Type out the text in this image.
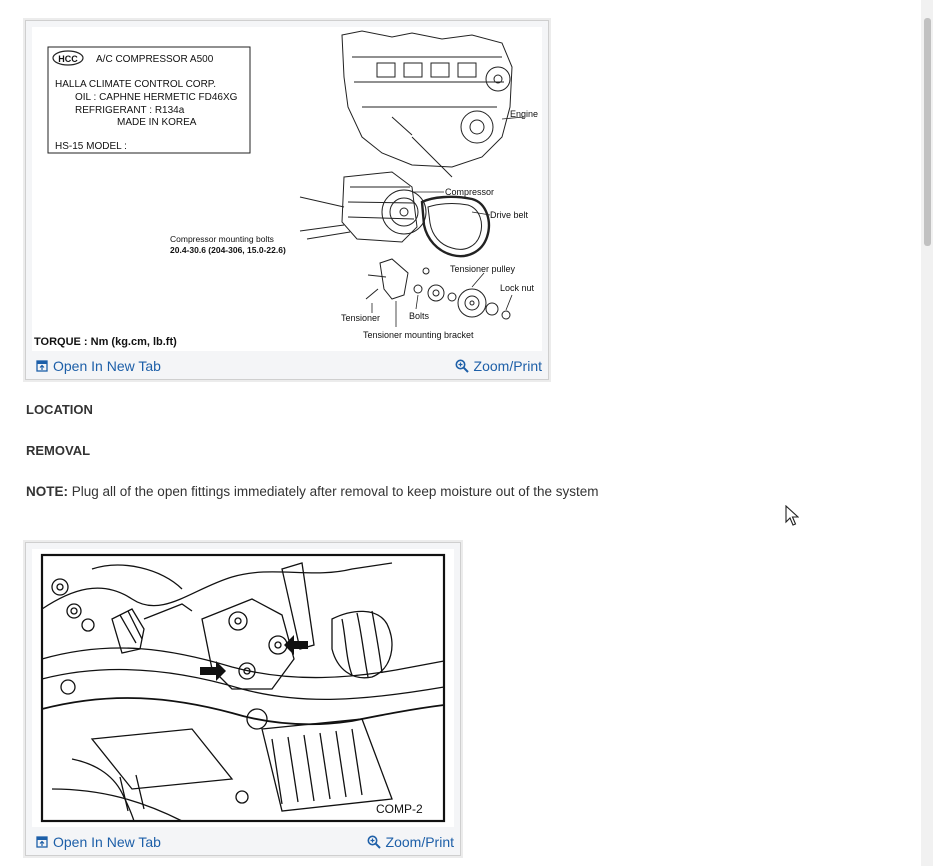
HCC A/C COMPRESSOR A500
HALLA CLIMATE CONTROL CORP.
OIL : CAPHNE HERMETIC FD46XG
REFRIGERANT : R134a
MADE IN KOREA
HS-15 MODEL :
Engine
Compressor
Drive belt
Compressor mounting bolts
20.4-30.6 (204-306, 15.0-22.6)
Tensioner pulley
Lock nut
Tensioner	Bolts
Tensioner mounting bracket
TORQUE : Nm (kg.cm, lb.ft)
Open In New Tab	Zoom/Print
LOCATION
REMOVAL
NOTE: Plug all of the open fittings immediately after removal to keep moisture out of the system
COMP-2
Open In New Tab	Zoom/Print
